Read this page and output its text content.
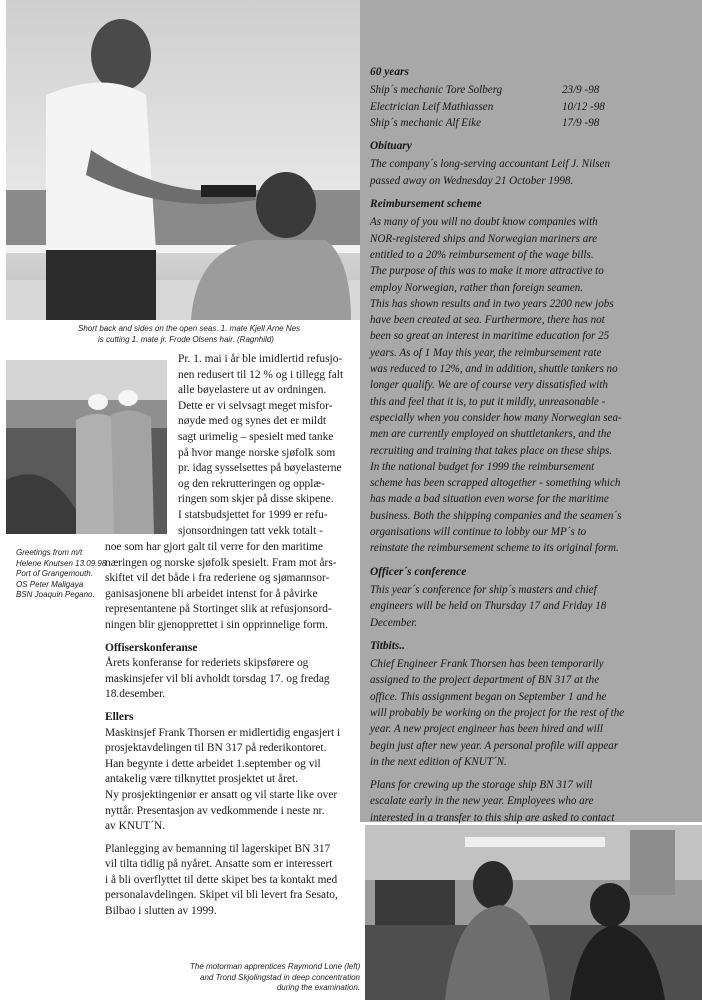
Short back and sides on the open seas. 1. mate Kjell Arne Nes
is cutting 1. mate jr. Frode Olsens hair. (Ragnhild)
Greetings from m/t
Helene Knutsen 13.09.98
Port of Grangemouth.
OS Peter Maligaya
BSN Joaquin Pegano.
Pr. 1. mai i år ble imidlertid refusjo-
nen redusert til 12 % og i tillegg falt
alle bøyelastere ut av ordningen.
Dette er vi selvsagt meget misfor-
nøyde med og synes det er mildt
sagt urimelig – spesielt med tanke
på hvor mange norske sjøfolk som
pr. idag sysselsettes på bøyelasterne
og den rekrutteringen og opplæ-
ringen som skjer på disse skipene.
I statsbudsjettet for 1999 er refu-
sjonsordningen tatt vekk totalt -
noe som har gjort galt til verre for den maritime
næringen og norske sjøfolk spesielt. Fram mot års-
skiftet vil det både i fra rederiene og sjømannsor-
ganisasjonene bli arbeidet intenst for å påvirke
representantene på Stortinget slik at refusjonsord-
ningen blir gjenopprettet i sin opprinnelige form.
Offiserskonferanse
Årets konferanse for rederiets skipsførere og
maskinsjefer vil bli avholdt torsdag 17. og fredag
18.desember.
Ellers
Maskinsjef Frank Thorsen er midlertidig engasjert i
prosjektavdelingen til BN 317 på rederikontoret.
Han begynte i dette arbeidet 1.september og vil
antakelig være tilknyttet prosjektet ut året.
Ny prosjektingeniør er ansatt og vil starte like over
nyttår. Presentasjon av vedkommende i neste nr.
av KNUT´N.
Planlegging av bemanning til lagerskipet BN 317
vil tilta tidlig på nyåret. Ansatte som er interessert
i å bli overflyttet til dette skipet bes ta kontakt med
personalavdelingen. Skipet vil bli levert fra Sesato,
Bilbao i slutten av 1999.
The motorman apprentices Raymond Lone (left)
and Trond Skjolingstad in deep concentration
during the examination.
60 years
Ship´s mechanic Tore Solberg	23/9 -98
Electrician Leif Mathiassen	10/12 -98
Ship´s mechanic Alf Eike	17/9 -98
Obituary
The company´s long-serving accountant Leif J. Nilsen
passed away on Wednesday 21 October 1998.
Reimbursement scheme
As many of you will no doubt know companies with
NOR-registered ships and Norwegian mariners are
entitled to a 20% reimbursement of the wage bills.
The purpose of this was to make it more attractive to
employ Norwegian, rather than foreign seamen.
This has shown results and in two years 2200 new jobs
have been created at sea. Furthermore, there has not
been so great an interest in maritime education for 25
years. As of 1 May this year, the reimbursement rate
was reduced to 12%, and in addition, shuttle tankers no
longer qualify. We are of course very dissatisfied with
this and feel that it is, to put it mildly, unreasonable -
especially when you consider how many Norwegian sea-
men are currently employed on shuttletankers, and the
recruiting and training that takes place on these ships.
In the national budget for 1999 the reimbursement
scheme has been scrapped altogether - something which
has made a bad situation even worse for the maritime
business. Both the shipping companies and the seamen´s
organisations will continue to lobby our MP´s to
reinstate the reimbursement scheme to its original form.
Officer´s conference
This year´s conference for ship´s masters and chief
engineers will be held on Thursday 17 and Friday 18
December.
Titbits..
Chief Engineer Frank Thorsen has been temporarily
assigned to the project department of BN 317 at the
office. This assignment began on September 1 and he
will probably be working on the project for the rest of the
year. A new project engineer has been hired and will
begin just after new year. A personal profile will appear
in the next edition of KNUT´N.
Plans for crewing up the storage ship BN 317 will
escalate early in the new year. Employees who are
interested in a transfer to this ship are asked to contact
